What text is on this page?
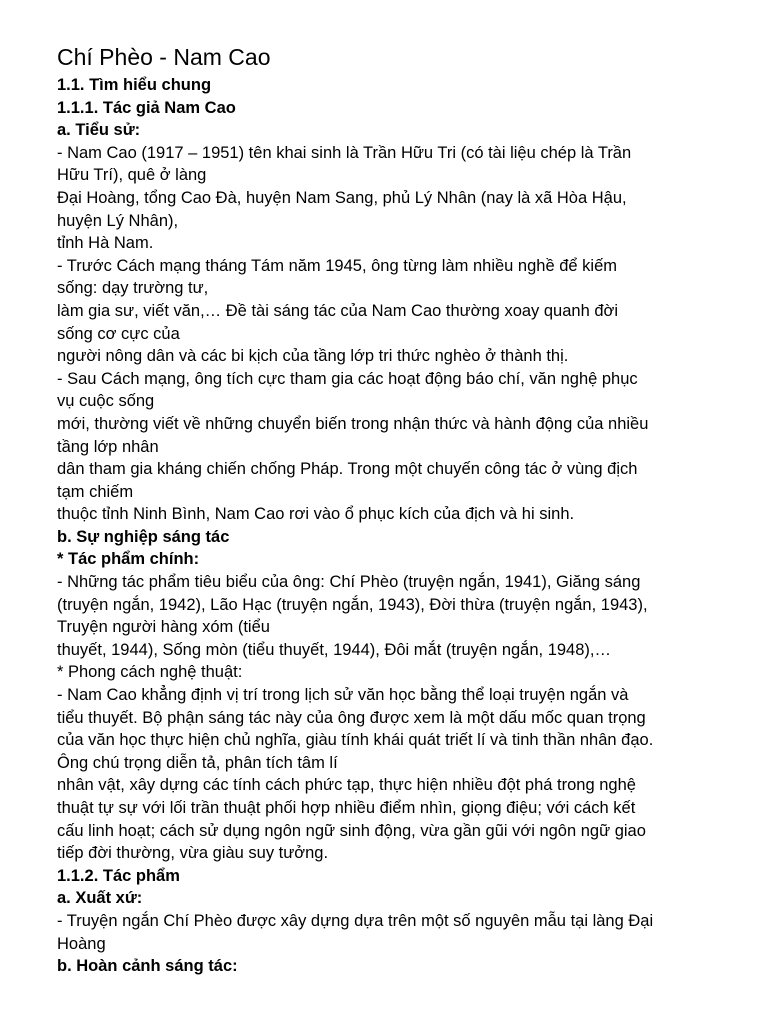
Chí Phèo - Nam Cao
1.1. Tìm hiểu chung
1.1.1. Tác giả Nam Cao
a. Tiểu sử:
- Nam Cao (1917 – 1951) tên khai sinh là Trần Hữu Tri (có tài liệu chép là Trần
Hữu Trí), quê ở làng
Đại Hoàng, tổng Cao Đà, huyện Nam Sang, phủ Lý Nhân (nay là xã Hòa Hậu,
huyện Lý Nhân),
tỉnh Hà Nam.
- Trước Cách mạng tháng Tám năm 1945, ông từng làm nhiều nghề để kiếm
sống: dạy trường tư,
làm gia sư, viết văn,… Đề tài sáng tác của Nam Cao thường xoay quanh đời
sống cơ cực của
người nông dân và các bi kịch của tầng lớp tri thức nghèo ở thành thị.
- Sau Cách mạng, ông tích cực tham gia các hoạt động báo chí, văn nghệ phục
vụ cuộc sống
mới, thường viết về những chuyển biến trong nhận thức và hành động của nhiều
tầng lớp nhân
dân tham gia kháng chiến chống Pháp. Trong một chuyến công tác ở vùng địch
tạm chiếm
thuộc tỉnh Ninh Bình, Nam Cao rơi vào ổ phục kích của địch và hi sinh.
b. Sự nghiệp sáng tác
* Tác phẩm chính:
- Những tác phẩm tiêu biểu của ông: Chí Phèo (truyện ngắn, 1941), Giăng sáng
(truyện ngắn, 1942), Lão Hạc (truyện ngắn, 1943), Đời thừa (truyện ngắn, 1943),
Truyện người hàng xóm (tiểu
thuyết, 1944), Sống mòn (tiểu thuyết, 1944), Đôi mắt (truyện ngắn, 1948),…
* Phong cách nghệ thuật:
- Nam Cao khẳng định vị trí trong lịch sử văn học bằng thể loại truyện ngắn và
tiểu thuyết. Bộ phận sáng tác này của ông được xem là một dấu mốc quan trọng
của văn học thực hiện chủ nghĩa, giàu tính khái quát triết lí và tinh thần nhân đạo.
Ông chú trọng diễn tả, phân tích tâm lí
nhân vật, xây dựng các tính cách phức tạp, thực hiện nhiều đột phá trong nghệ
thuật tự sự với lối trần thuật phối hợp nhiều điểm nhìn, giọng điệu; với cách kết
cấu linh hoạt; cách sử dụng ngôn ngữ sinh động, vừa gần gũi với ngôn ngữ giao
tiếp đời thường, vừa giàu suy tưởng.
1.1.2. Tác phẩm
a. Xuất xứ:
- Truyện ngắn Chí Phèo được xây dựng dựa trên một số nguyên mẫu tại làng Đại
Hoàng
b. Hoàn cảnh sáng tác:
